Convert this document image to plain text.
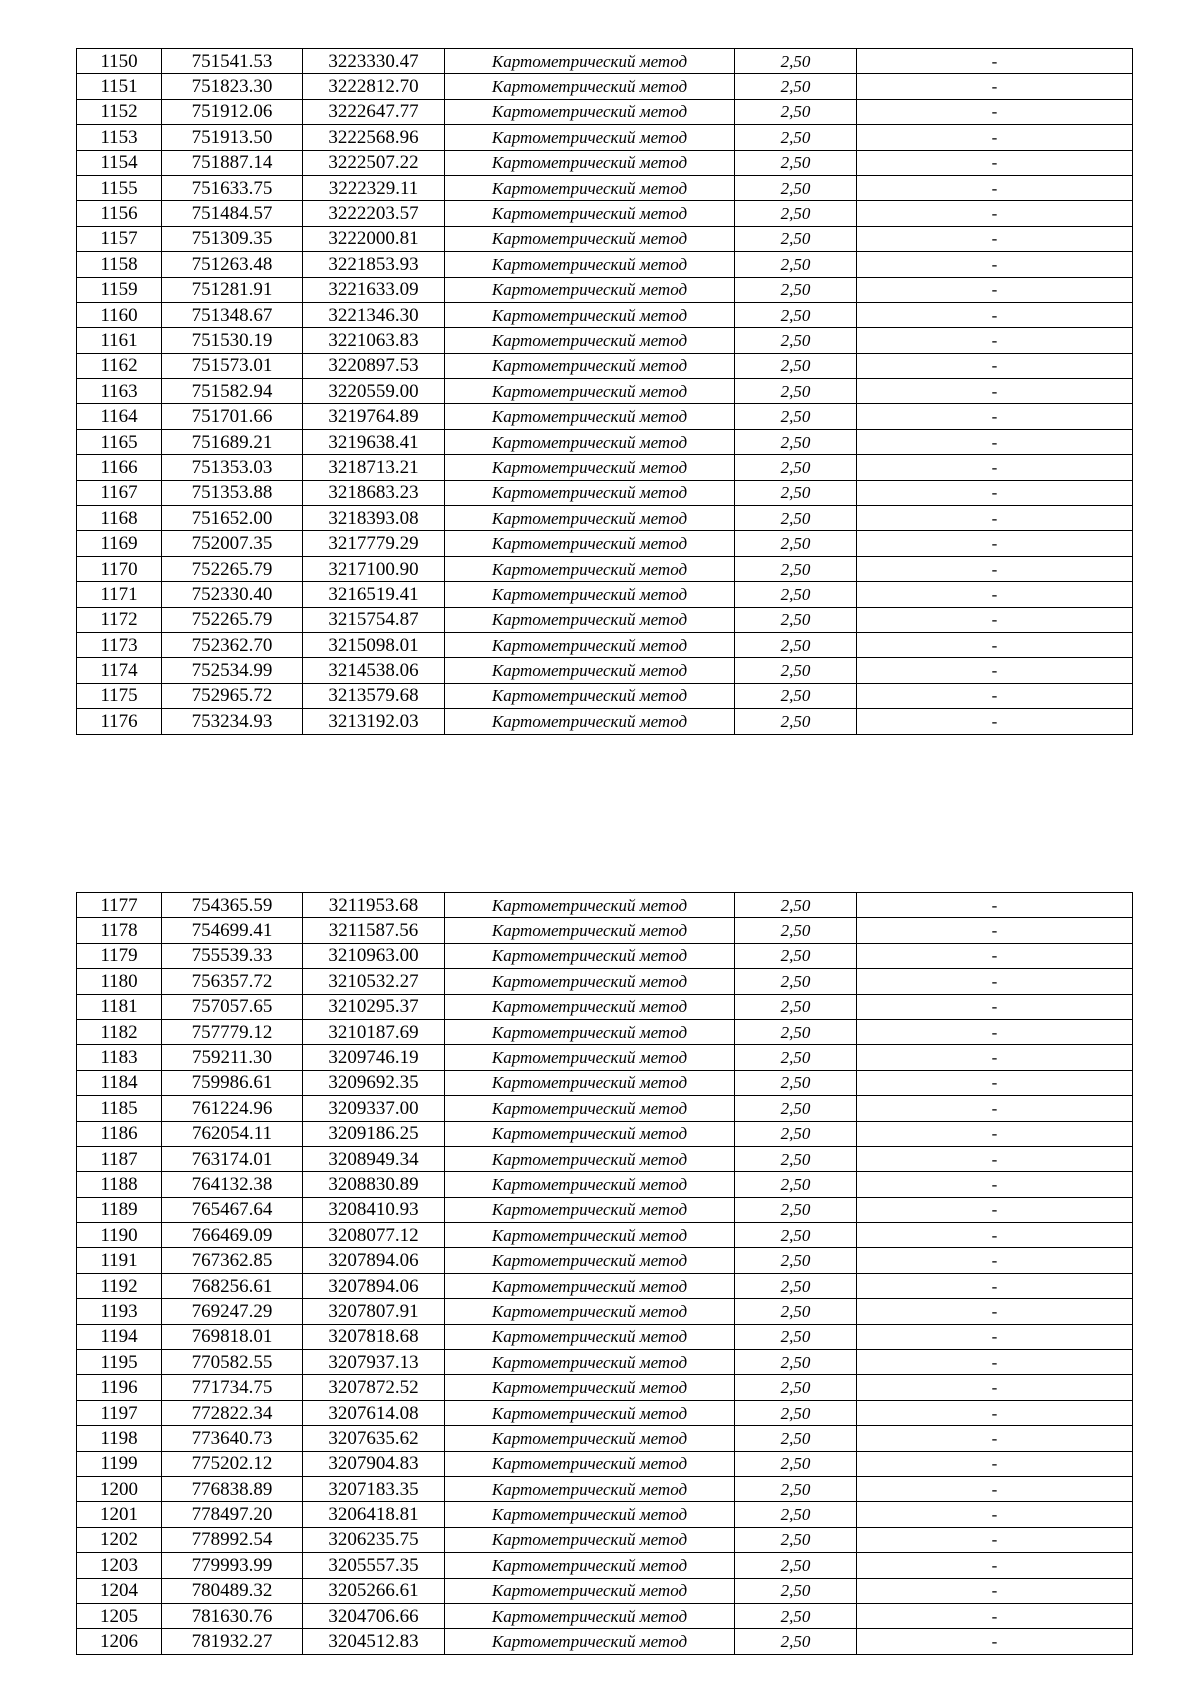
1150	751541.53	3223330.47	Картометрический метод	2,50	-
1151	751823.30	3222812.70	Картометрический метод	2,50	-
1152	751912.06	3222647.77	Картометрический метод	2,50	-
1153	751913.50	3222568.96	Картометрический метод	2,50	-
1154	751887.14	3222507.22	Картометрический метод	2,50	-
1155	751633.75	3222329.11	Картометрический метод	2,50	-
1156	751484.57	3222203.57	Картометрический метод	2,50	-
1157	751309.35	3222000.81	Картометрический метод	2,50	-
1158	751263.48	3221853.93	Картометрический метод	2,50	-
1159	751281.91	3221633.09	Картометрический метод	2,50	-
1160	751348.67	3221346.30	Картометрический метод	2,50	-
1161	751530.19	3221063.83	Картометрический метод	2,50	-
1162	751573.01	3220897.53	Картометрический метод	2,50	-
1163	751582.94	3220559.00	Картометрический метод	2,50	-
1164	751701.66	3219764.89	Картометрический метод	2,50	-
1165	751689.21	3219638.41	Картометрический метод	2,50	-
1166	751353.03	3218713.21	Картометрический метод	2,50	-
1167	751353.88	3218683.23	Картометрический метод	2,50	-
1168	751652.00	3218393.08	Картометрический метод	2,50	-
1169	752007.35	3217779.29	Картометрический метод	2,50	-
1170	752265.79	3217100.90	Картометрический метод	2,50	-
1171	752330.40	3216519.41	Картометрический метод	2,50	-
1172	752265.79	3215754.87	Картометрический метод	2,50	-
1173	752362.70	3215098.01	Картометрический метод	2,50	-
1174	752534.99	3214538.06	Картометрический метод	2,50	-
1175	752965.72	3213579.68	Картометрический метод	2,50	-
1176	753234.93	3213192.03	Картометрический метод	2,50	-
1177	754365.59	3211953.68	Картометрический метод	2,50	-
1178	754699.41	3211587.56	Картометрический метод	2,50	-
1179	755539.33	3210963.00	Картометрический метод	2,50	-
1180	756357.72	3210532.27	Картометрический метод	2,50	-
1181	757057.65	3210295.37	Картометрический метод	2,50	-
1182	757779.12	3210187.69	Картометрический метод	2,50	-
1183	759211.30	3209746.19	Картометрический метод	2,50	-
1184	759986.61	3209692.35	Картометрический метод	2,50	-
1185	761224.96	3209337.00	Картометрический метод	2,50	-
1186	762054.11	3209186.25	Картометрический метод	2,50	-
1187	763174.01	3208949.34	Картометрический метод	2,50	-
1188	764132.38	3208830.89	Картометрический метод	2,50	-
1189	765467.64	3208410.93	Картометрический метод	2,50	-
1190	766469.09	3208077.12	Картометрический метод	2,50	-
1191	767362.85	3207894.06	Картометрический метод	2,50	-
1192	768256.61	3207894.06	Картометрический метод	2,50	-
1193	769247.29	3207807.91	Картометрический метод	2,50	-
1194	769818.01	3207818.68	Картометрический метод	2,50	-
1195	770582.55	3207937.13	Картометрический метод	2,50	-
1196	771734.75	3207872.52	Картометрический метод	2,50	-
1197	772822.34	3207614.08	Картометрический метод	2,50	-
1198	773640.73	3207635.62	Картометрический метод	2,50	-
1199	775202.12	3207904.83	Картометрический метод	2,50	-
1200	776838.89	3207183.35	Картометрический метод	2,50	-
1201	778497.20	3206418.81	Картометрический метод	2,50	-
1202	778992.54	3206235.75	Картометрический метод	2,50	-
1203	779993.99	3205557.35	Картометрический метод	2,50	-
1204	780489.32	3205266.61	Картометрический метод	2,50	-
1205	781630.76	3204706.66	Картометрический метод	2,50	-
1206	781932.27	3204512.83	Картометрический метод	2,50	-
